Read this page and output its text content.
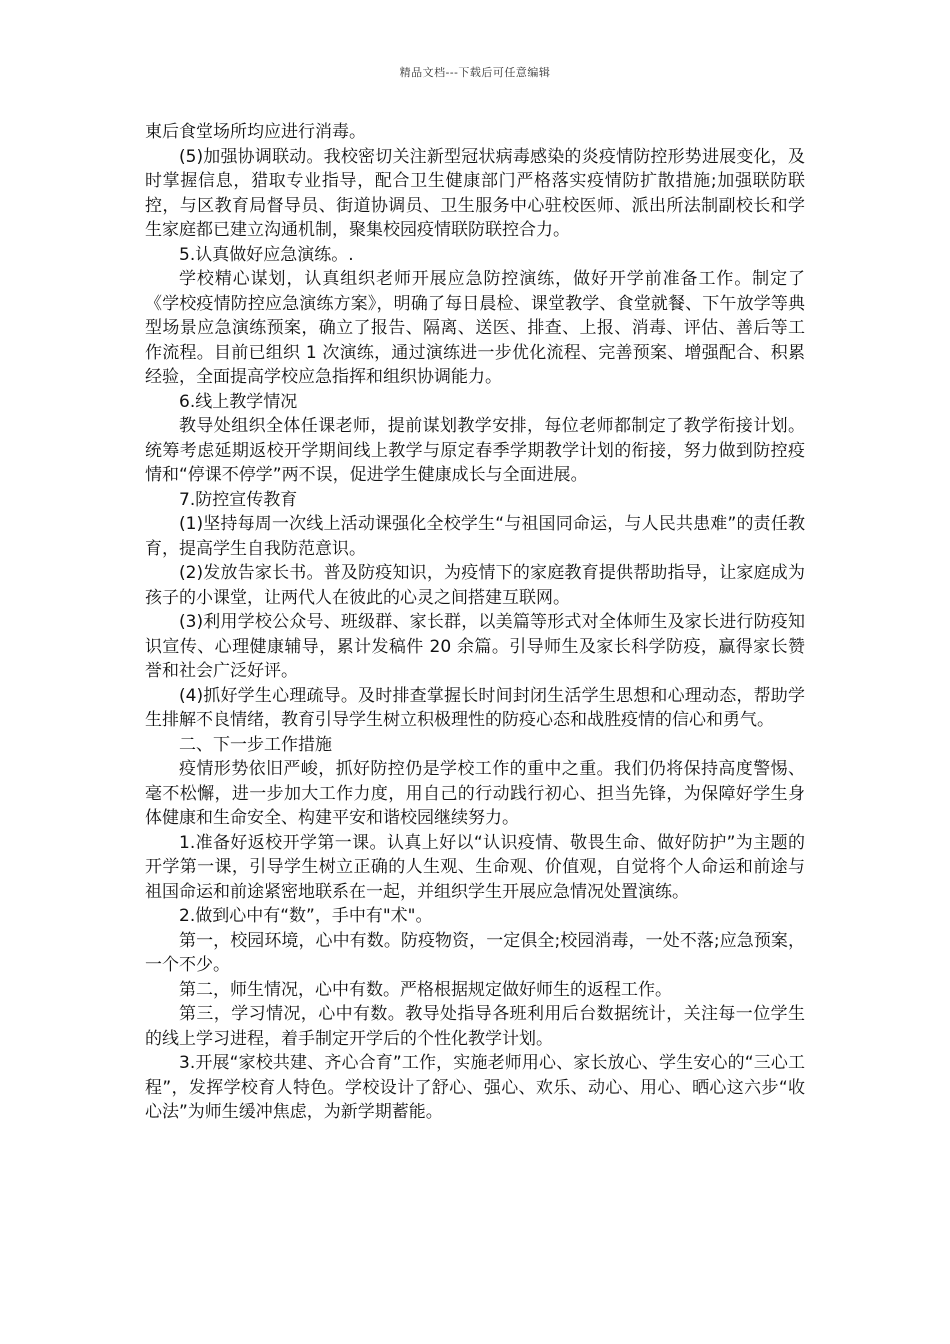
精品文档---下载后可任意编辑

東后食堂场所均应进行消毒。

(5)加强协调联动。我校密切关注新型冠状病毒感染的炎疫情防控形势进展变化，及时掌握信息，猎取专业指导，配合卫生健康部门严格落实疫情防扩散措施;加强联防联控，与区教育局督导员、街道协调员、卫生服务中心驻校医师、派出所法制副校长和学生家庭都已建立沟通机制，聚集校园疫情联防联控合力。

5.认真做好应急演练。.

学校精心谋划，认真组织老师开展应急防控演练，做好开学前准备工作。制定了《学校疫情防控应急演练方案》，明确了每日晨检、课堂教学、食堂就餐、下午放学等典型场景应急演练预案，确立了报告、隔离、送医、排查、上报、消毒、评估、善后等工作流程。目前已组织 1 次演练，通过演练进一步优化流程、完善预案、增强配合、积累经验，全面提高学校应急指挥和组织协调能力。

6.线上教学情况

教导处组织全体任课老师，提前谋划教学安排，每位老师都制定了教学衔接计划。统筹考虑延期返校开学期间线上教学与原定春季学期教学计划的衔接，努力做到防控疫情和“停课不停学”两不误，促进学生健康成长与全面进展。

7.防控宣传教育

(1)坚持每周一次线上活动课强化全校学生“与祖国同命运，与人民共患难”的责任教育，提高学生自我防范意识。

(2)发放告家长书。普及防疫知识，为疫情下的家庭教育提供帮助指导，让家庭成为孩子的小课堂，让两代人在彼此的心灵之间搭建互联网。

(3)利用学校公众号、班级群、家长群，以美篇等形式对全体师生及家长进行防疫知识宣传、心理健康辅导，累计发稿件 20 余篇。引导师生及家长科学防疫，赢得家长赞誉和社会广泛好评。

(4)抓好学生心理疏导。及时排查掌握长时间封闭生活学生思想和心理动态，帮助学生排解不良情绪，教育引导学生树立积极理性的防疫心态和战胜疫情的信心和勇气。

二、下一步工作措施

疫情形势依旧严峻，抓好防控仍是学校工作的重中之重。我们仍将保持高度警惕、毫不松懈，进一步加大工作力度，用自己的行动践行初心、担当先锋，为保障好学生身体健康和生命安全、构建平安和谐校园继续努力。

1.准备好返校开学第一课。认真上好以“认识疫情、敬畏生命、做好防护”为主题的开学第一课，引导学生树立正确的人生观、生命观、价值观，自觉将个人命运和前途与祖国命运和前途紧密地联系在一起，并组织学生开展应急情况处置演练。

2.做到心中有“数”，手中有"术"。

第一，校园环境，心中有数。防疫物资，一定俱全;校园消毒，一处不落;应急预案，一个不少。

第二，师生情况，心中有数。严格根据规定做好师生的返程工作。

第三，学习情况，心中有数。教导处指导各班利用后台数据统计，关注每一位学生的线上学习进程，着手制定开学后的个性化教学计划。

3.开展“家校共建、齐心合育”工作，实施老师用心、家长放心、学生安心的“三心工程”，发挥学校育人特色。学校设计了舒心、强心、欢乐、动心、用心、晒心这六步“收心法”为师生缓冲焦虑，为新学期蓄能。
